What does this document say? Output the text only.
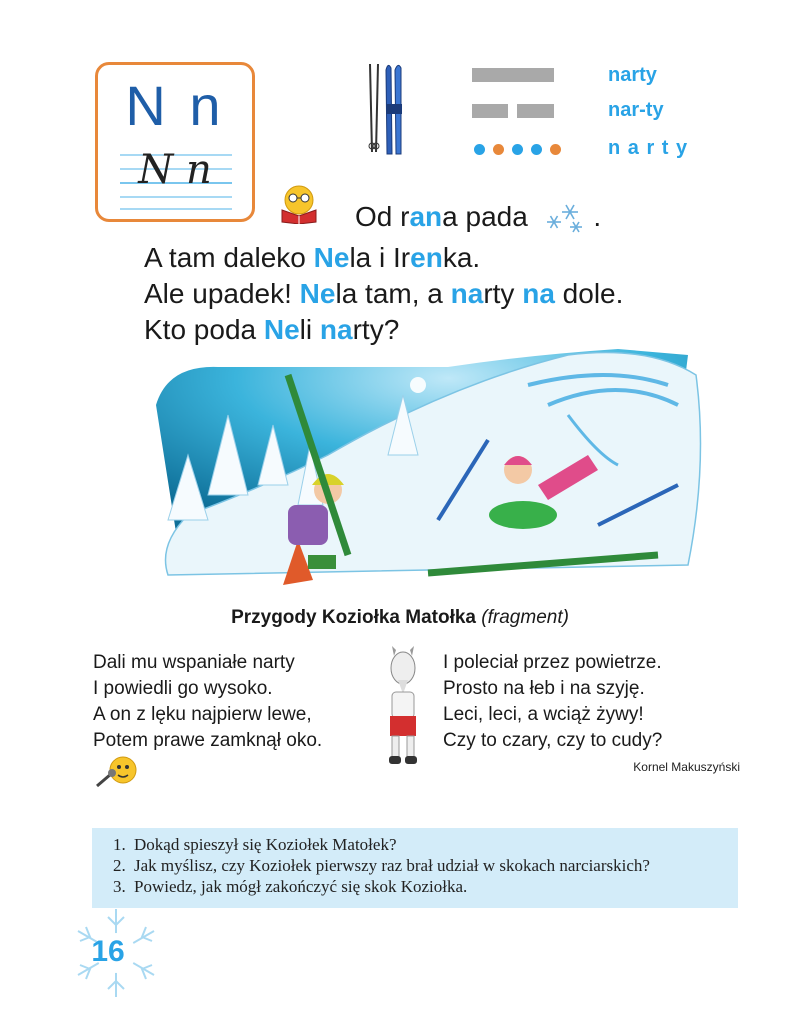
N n
N n
narty
nar-ty
n a r t y
Od rana pada  .
A tam daleko Nela i Irenka.
Ale upadek! Nela tam, a narty na dole.
Kto poda Neli narty?
Przygody Koziołka Matołka (fragment)
Dali mu wspaniałe narty
I powiedli go wysoko.
A on z lęku najpierw lewe,
Potem prawe zamknął oko.
I poleciał przez powietrze.
Prosto na łeb i na szyję.
Leci, leci, a wciąż żywy!
Czy to czary, czy to cudy?
Kornel Makuszyński
1. Dokąd spieszył się Koziołek Matołek?
2. Jak myślisz, czy Koziołek pierwszy raz brał udział w skokach narciarskich?
3. Powiedz, jak mógł zakończyć się skok Koziołka.
16
